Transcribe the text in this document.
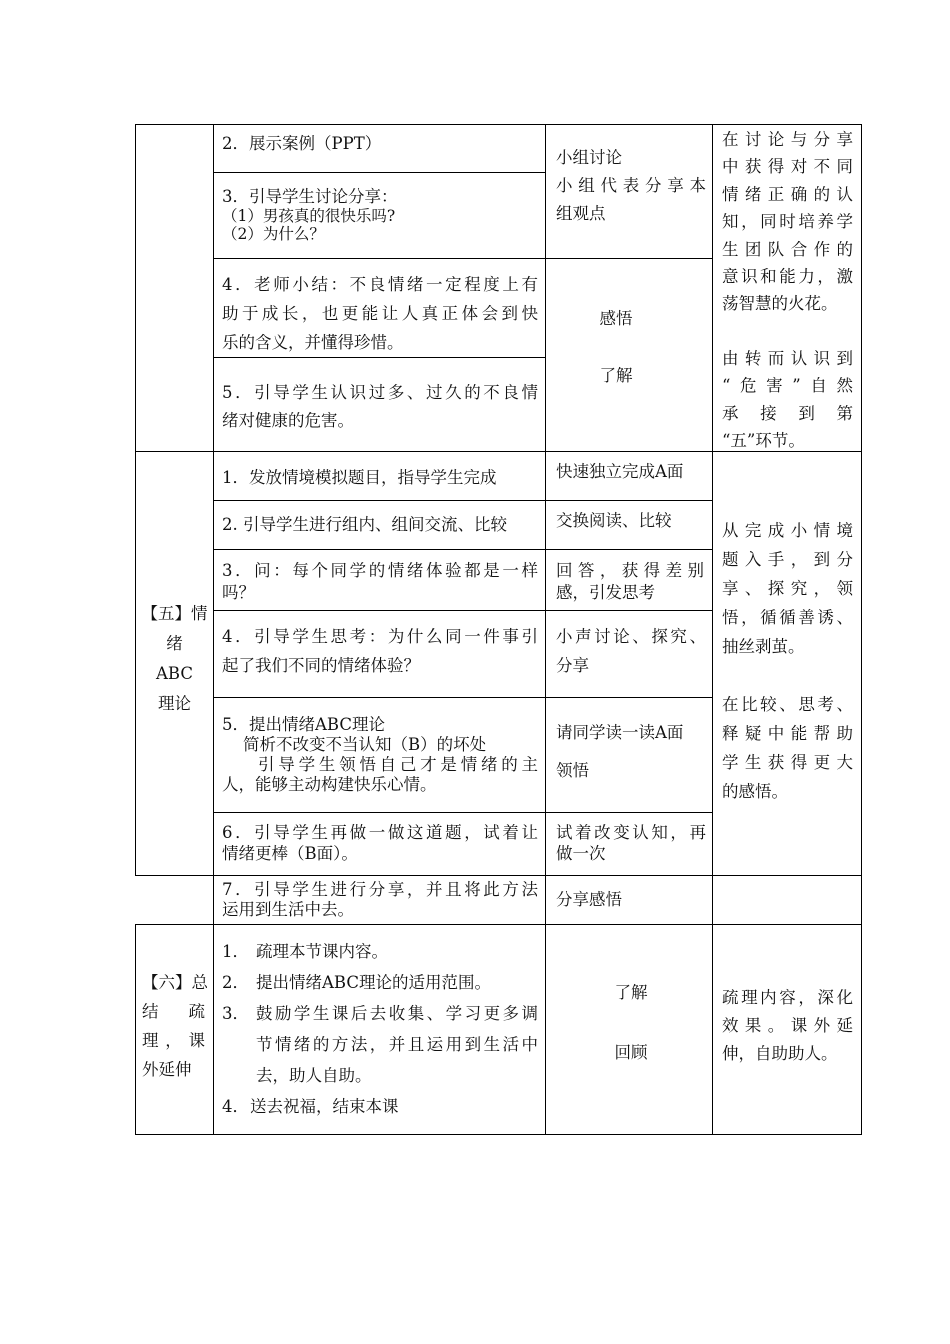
2．展示案例（PPT）
3．引导学生讨论分享：
（1）男孩真的很快乐吗?
（2）为什么？
4．老师小结：不良情绪一定程度上有
助于成长，也更能让人真正体会到快
乐的含义，并懂得珍惜。
5．引导学生认识过多、过久的不良情
绪对健康的危害。
小组讨论
小组代表分享本
组观点
感悟
了解
在讨论与分享
中获得对不同
情绪正确的认
知，同时培养学
生团队合作的
意识和能力，激
荡智慧的火花。
由转而认识到
“危害”自然
承 接 到 第
“五”环节。
【五】情
绪
ABC
理论
1．发放情境模拟题目，指导学生完成	快速独立完成A面
2. 引导学生进行组内、组间交流、比较	交换阅读、比较
3．问：每个同学的情绪体验都是一样
吗？
回答，获得差别
感，引发思考
4．引导学生思考：为什么同一件事引
起了我们不同的情绪体验？
小声讨论、探究、
分享
5．提出情绪ABC理论
简析不改变不当认知（B）的坏处
引导学生领悟自己才是情绪的主
人，能够主动构建快乐心情。
请同学读一读A面
领悟
6．引导学生再做一做这道题，试着让
情绪更棒（B面）。
试着改变认知，再
做一次
7．引导学生进行分享，并且将此方法
运用到生活中去。
分享感悟
从完成小情境
题入手，到分
享、探究，领
悟，循循善诱、
抽丝剥茧。
在比较、思考、
释疑中能帮助
学生获得更大
的感悟。
【六】总
结　疏
理，课
外延伸
1． 疏理本节课内容。
2． 提出情绪ABC理论的适用范围。
3． 鼓励学生课后去收集、学习更多调
节情绪的方法，并且运用到生活中
去，助人自助。
4． 送去祝福，结束本课
了解
回顾
疏理内容，深化
效果。课外延
伸，自助助人。
